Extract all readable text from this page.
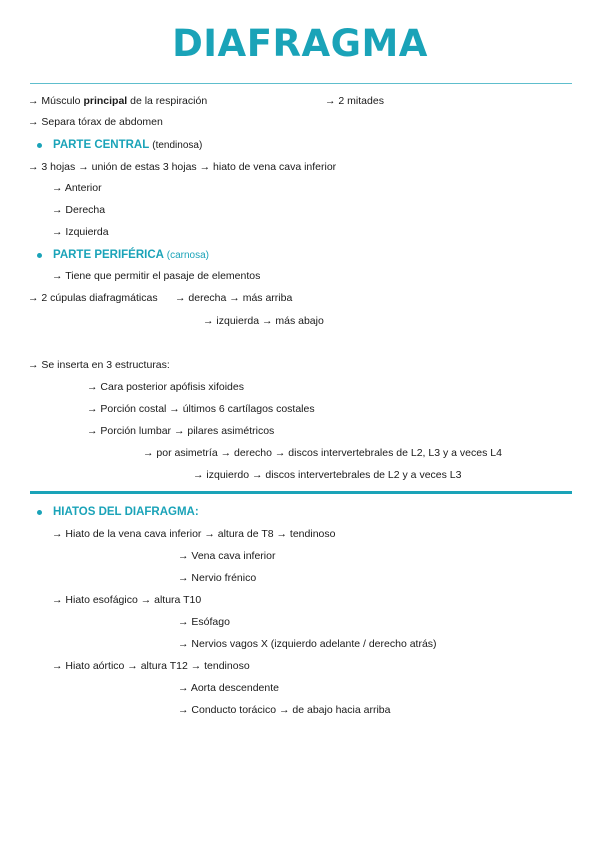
DIAFRAGMA
→ Músculo principal de la respiración	→ 2 mitades
→ Separa tórax de abdomen
PARTE CENTRAL (tendinosa)
→ 3 hojas → unión de estas 3 hojas → hiato de vena cava inferior
→ Anterior
→ Derecha
→ Izquierda
PARTE PERIFÉRICA (carnosa)
→ Tiene que permitir el pasaje de elementos
→ 2 cúpulas diafragmáticas → derecha → más arriba
→ izquierda → más abajo
→ Se inserta en 3 estructuras:
→ Cara posterior apófisis xifoides
→ Porción costal → últimos 6 cartílagos costales
→ Porción lumbar → pilares asimétricos
→ por asimetría → derecho → discos intervertebrales de L2, L3 y a veces L4
→ izquierdo → discos intervertebrales de L2 y a veces L3
HIATOS DEL DIAFRAGMA:
→ Hiato de la vena cava inferior → altura de T8 → tendinoso
→ Vena cava inferior
→ Nervio frénico
→ Hiato esofágico → altura T10
→ Esófago
→ Nervios vagos X (izquierdo adelante / derecho atrás)
→ Hiato aórtico → altura T12 → tendinoso
→ Aorta descendente
→ Conducto torácico → de abajo hacia arriba
